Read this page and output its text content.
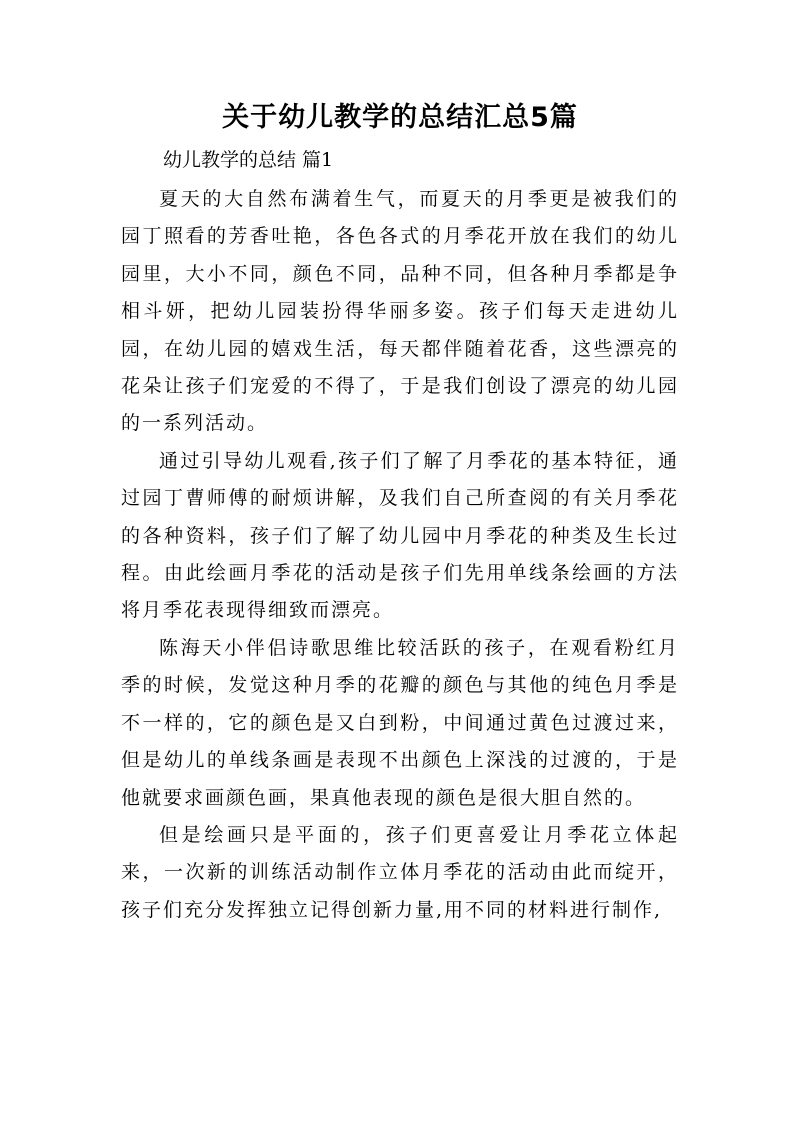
关于幼儿教学的总结汇总5篇
幼儿教学的总结 篇1

夏天的大自然布满着生气，而夏天的月季更是被我们的园丁照看的芳香吐艳，各色各式的月季花开放在我们的幼儿园里，大小不同，颜色不同，品种不同，但各种月季都是争相斗妍，把幼儿园装扮得华丽多姿。孩子们每天走进幼儿园，在幼儿园的嬉戏生活，每天都伴随着花香，这些漂亮的花朵让孩子们宠爱的不得了，于是我们创设了漂亮的幼儿园的一系列活动。

通过引导幼儿观看,孩子们了解了月季花的基本特征，通过园丁曹师傅的耐烦讲解，及我们自己所查阅的有关月季花的各种资料，孩子们了解了幼儿园中月季花的种类及生长过程。由此绘画月季花的活动是孩子们先用单线条绘画的方法将月季花表现得细致而漂亮。

陈海天小伴侣诗歌思维比较活跃的孩子，在观看粉红月季的时候，发觉这种月季的花瓣的颜色与其他的纯色月季是不一样的，它的颜色是又白到粉，中间通过黄色过渡过来，但是幼儿的单线条画是表现不出颜色上深浅的过渡的，于是他就要求画颜色画，果真他表现的颜色是很大胆自然的。

但是绘画只是平面的，孩子们更喜爱让月季花立体起来，一次新的训练活动制作立体月季花的活动由此而绽开，孩子们充分发挥独立记得创新力量,用不同的材料进行制作,
